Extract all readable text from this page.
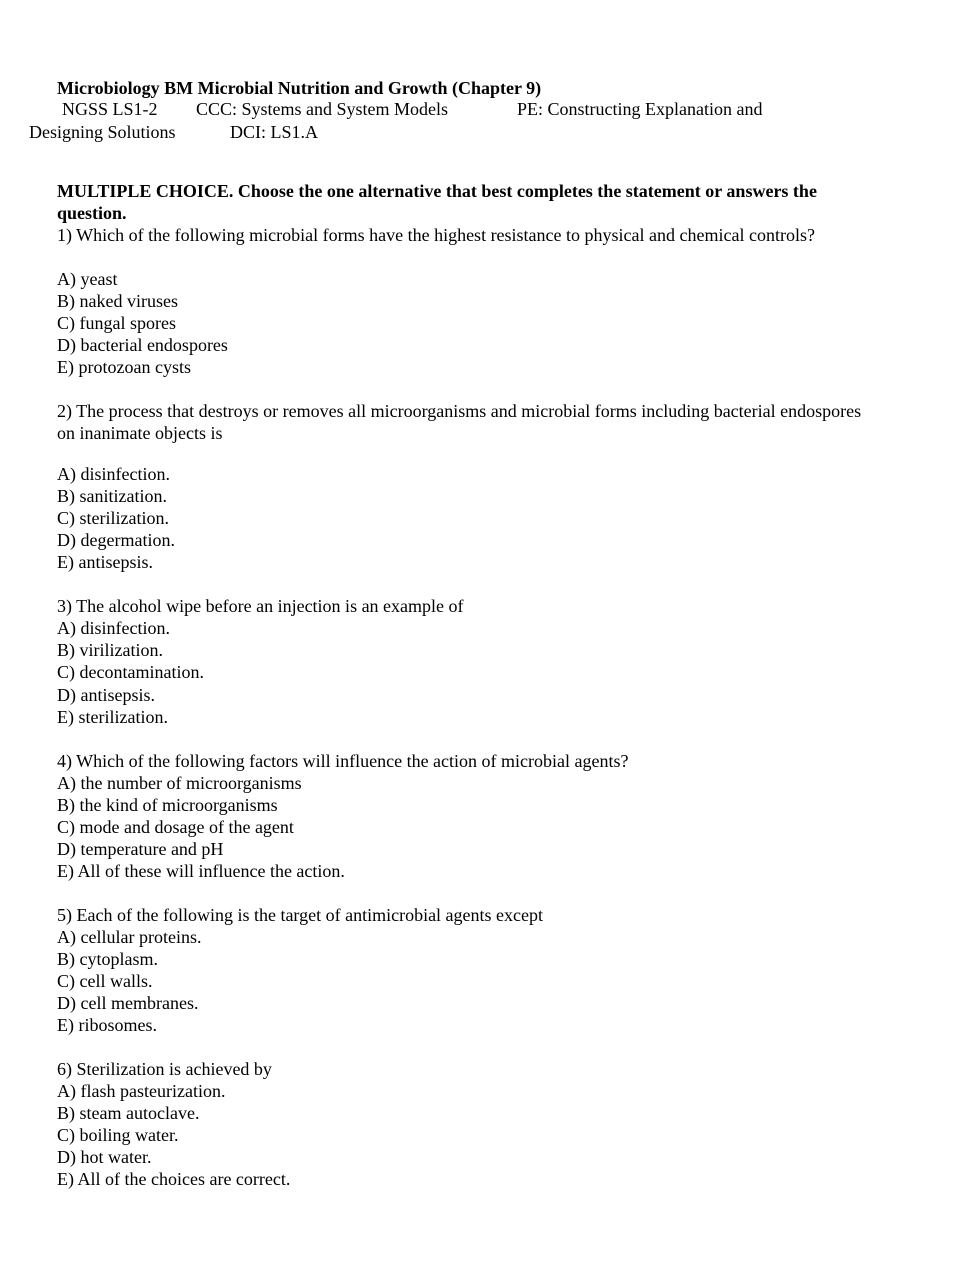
Microbiology BM Microbial Nutrition and Growth (Chapter 9)
NGSS LS1-2 CCC: Systems and System Models	PE: Constructing Explanation and
Designing Solutions	DCI: LS1.A
MULTIPLE CHOICE. Choose the one alternative that best completes the statement or answers the
question.
1) Which of the following microbial forms have the highest resistance to physical and chemical controls?
A) yeast
B) naked viruses
C) fungal spores
D) bacterial endospores
E) protozoan cysts
2) The process that destroys or removes all microorganisms and microbial forms including bacterial endospores
on inanimate objects is
A) disinfection.
B) sanitization.
C) sterilization.
D) degermation.
E) antisepsis.
3) The alcohol wipe before an injection is an example of
A) disinfection.
B) virilization.
C) decontamination.
D) antisepsis.
E) sterilization.
4) Which of the following factors will influence the action of microbial agents?
A) the number of microorganisms
B) the kind of microorganisms
C) mode and dosage of the agent
D) temperature and pH
E) All of these will influence the action.
5) Each of the following is the target of antimicrobial agents except
A) cellular proteins.
B) cytoplasm.
C) cell walls.
D) cell membranes.
E) ribosomes.
6) Sterilization is achieved by
A) flash pasteurization.
B) steam autoclave.
C) boiling water.
D) hot water.
E) All of the choices are correct.
